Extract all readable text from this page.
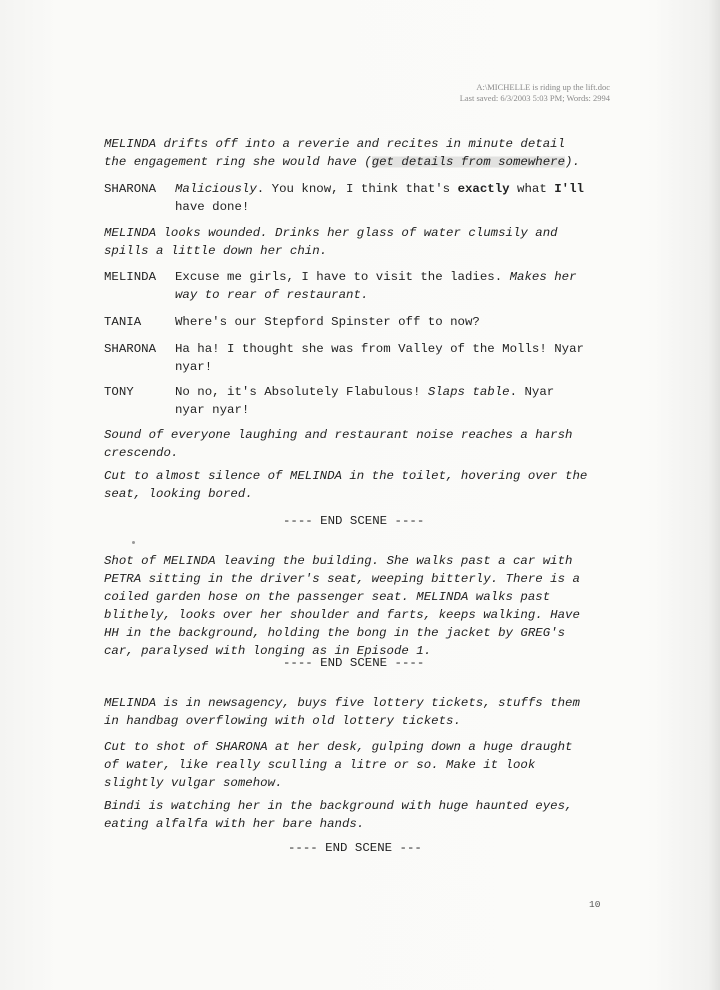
A:\MICHELLE is riding up the lift.doc
Last saved: 6/3/2003 5:03 PM; Words: 2994
MELINDA drifts off into a reverie and recites in minute detail
the engagement ring she would have (get details from somewhere).
SHARONA	Maliciously. You know, I think that's exactly what I'll
have done!
MELINDA looks wounded. Drinks her glass of water clumsily and
spills a little down her chin.
MELINDA	Excuse me girls, I have to visit the ladies. Makes her
way to rear of restaurant.
TANIA	Where's our Stepford Spinster off to now?
SHARONA	Ha ha! I thought she was from Valley of the Molls! Nyar
nyar!
TONY	No no, it's Absolutely Flabulous! Slaps table. Nyar
nyar nyar!
Sound of everyone laughing and restaurant noise reaches a harsh
crescendo.
Cut to almost silence of MELINDA in the toilet, hovering over the
seat, looking bored.
---- END SCENE ----
Shot of MELINDA leaving the building. She walks past a car with
PETRA sitting in the driver's seat, weeping bitterly. There is a
coiled garden hose on the passenger seat. MELINDA walks past
blithely, looks over her shoulder and farts, keeps walking. Have
HH in the background, holding the bong in the jacket by GREG's
car, paralysed with longing as in Episode 1.
---- END SCENE ----
MELINDA is in newsagency, buys five lottery tickets, stuffs them
in handbag overflowing with old lottery tickets.
Cut to shot of SHARONA at her desk, gulping down a huge draught
of water, like really sculling a litre or so. Make it look
slightly vulgar somehow.
Bindi is watching her in the background with huge haunted eyes,
eating alfalfa with her bare hands.
---- END SCENE ---
10
